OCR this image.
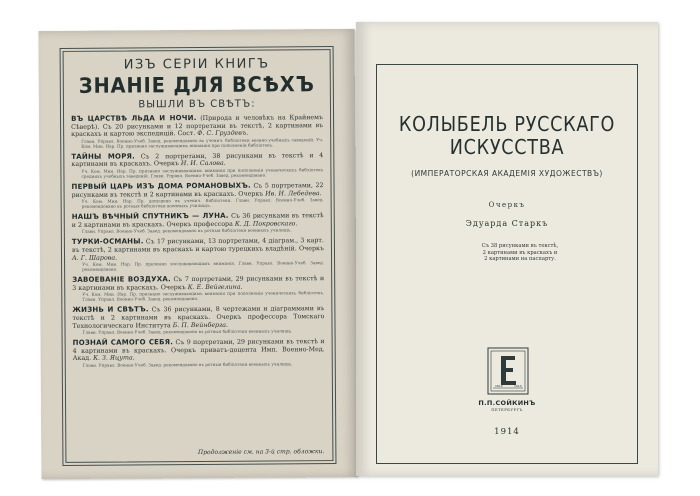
ИЗЪ СЕРІИ КНИГЪ
ЗНАНІЕ ДЛЯ ВСѢХЪ
ВЫШЛИ ВЪ СВѢТЪ:
ВЪ ЦАРСТВѢ ЛЬДА И НОЧИ. (Природа и человѣкъ на Крайнемъ Сѣверѣ). Съ 20 рисунками и 12 портретами въ текстѣ, 2 картинами въ краскахъ и картою экспедицій. Сост. Ф. С. Груздевъ.
Главн. Управл. Военно-Учеб. Завед. рекомендовано въ ученич. библіотеки военно-учебныхъ заведеній. Уч. Ком. Мин. Нар. Пр. признано заслуживающимъ вниманія при пополненіи библіотекъ.
ТАЙНЫ МОРЯ. Съ 2 портретами, 38 рисунками въ текстѣ и 4 картинами въ краскахъ. Очеркъ И. И. Салова.
Уч. Ком. Мин. Нар. Пр. признано заслуживающимъ вниманія при пополненіи ученическихъ библіотекъ среднихъ учебныхъ заведеній. Главн. Управл. Военно-Учеб. Завед. рекомендовано.
ПЕРВЫЙ ЦАРЬ ИЗЪ ДОМА РОМАНОВЫХЪ. Съ 5 портретами, 22 рисунками въ текстѣ и 2 картинами въ краскахъ. Очеркъ Ив. И. Лебедева.
Уч. Ком. Мин. Нар. Пр. допущено въ ученич. библіотеки. Главн. Управл. Военно-Учеб. Завед. рекомендовано въ ротныя библіотеки военныхъ училищъ.
НАШЪ ВѢЧНЫЙ СПУТНИКЪ — ЛУНА. Съ 36 рисунками въ текстѣ и 2 картинами въ краскахъ. Очеркъ профессора К. Д. Покровскаго.
Главн. Управл. Военно-Учеб. Завед. рекомендовано въ ротныя библіотеки военныхъ училищъ.
ТУРКИ-ОСМАНЫ. Съ 17 рисунками, 13 портретами, 4 діаграм., 3 карт. въ текстѣ, 2 картинами въ краскахъ и картою турецкихъ владѣній. Очеркъ А. Г. Шарова.
Уч. Ком. Мин. Нар. Пр. признано заслуживающимъ вниманія. Главн. Управл. Военно-Учеб. Завед. рекомендовано.
ЗАВОЕВАНІЕ ВОЗДУХА. Съ 7 портретами, 29 рисунками въ текстѣ и 3 картинами въ краскахъ. Очеркъ К. Е. Вейгелина.
Уч. Ком. Мин. Нар. Пр. признано заслуживающимъ вниманія при пополненіи ученическихъ библіотекъ. Главн. Управл. Военно-Учеб. Завед. рекомендовано.
ЖИЗНЬ И СВѢТЪ. Съ 36 рисунками, 8 чертежами и діаграммами въ текстѣ и 2 картинами въ краскахъ. Очеркъ профессора Томскаго Технологическаго Института Б. П. Вейнберга.
Главн. Управл. Военно-Учеб. Завед. рекомендовано въ ротныя библіотеки военныхъ училищъ.
ПОЗНАЙ САМОГО СЕБЯ. Съ 9 портретами, 29 рисунками въ текстѣ и 4 картинами въ краскахъ. Очеркъ приватъ-доцента Имп. Военно-Мед. Акад. К. З. Яцута.
Главн. Управл. Военно-Учеб. Завед. рекомендовано въ ротныя библіотеки военныхъ училищъ.
Продолженіе см. на 3-й стр. обложки.
КОЛЫБЕЛЬ РУССКАГО
ИСКУССТВА
(ИМПЕРАТОРСКАЯ АКАДЕМІЯ ХУДОЖЕСТВЪ)
Очеркъ
Эдуарда Старкъ
Съ 38 рисунками въ текстѣ,
2 картинами въ краскахъ и
2 картинами на паспарту.
1810	1910
П.П.СОЙКИНЪ
ПЕТЕРБУРГЪ
1914
